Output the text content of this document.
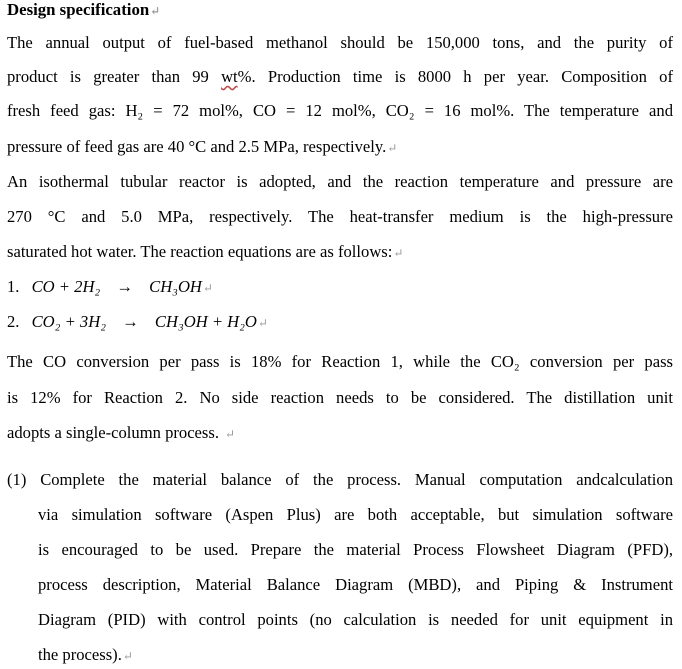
Design specification↵
The annual output of fuel-based methanol should be 150,000 tons, and the purity of
product is greater than 99 wt%. Production time is 8000 h per year. Composition of
fresh feed gas: H₂ = 72 mol%, CO = 12 mol%, CO₂ = 16 mol%. The temperature and
pressure of feed gas are 40 °C and 2.5 MPa, respectively.↵
An isothermal tubular reactor is adopted, and the reaction temperature and pressure are
270 °C and 5.0 MPa, respectively. The heat-transfer medium is the high-pressure
saturated hot water. The reaction equations are as follows:↵
1. CO + 2H₂ → CH₃OH↵
2. CO₂ + 3H₂ → CH₃OH + H₂O↵
The CO conversion per pass is 18% for Reaction 1, while the CO₂ conversion per pass
is 12% for Reaction 2. No side reaction needs to be considered. The distillation unit
adopts a single-column process. ↵
(1) Complete the material balance of the process. Manual computation andcalculation
via simulation software (Aspen Plus) are both acceptable, but simulation software
is encouraged to be used. Prepare the material Process Flowsheet Diagram (PFD),
process description, Material Balance Diagram (MBD), and Piping & Instrument
Diagram (PID) with control points (no calculation is needed for unit equipment in
the process).↵
